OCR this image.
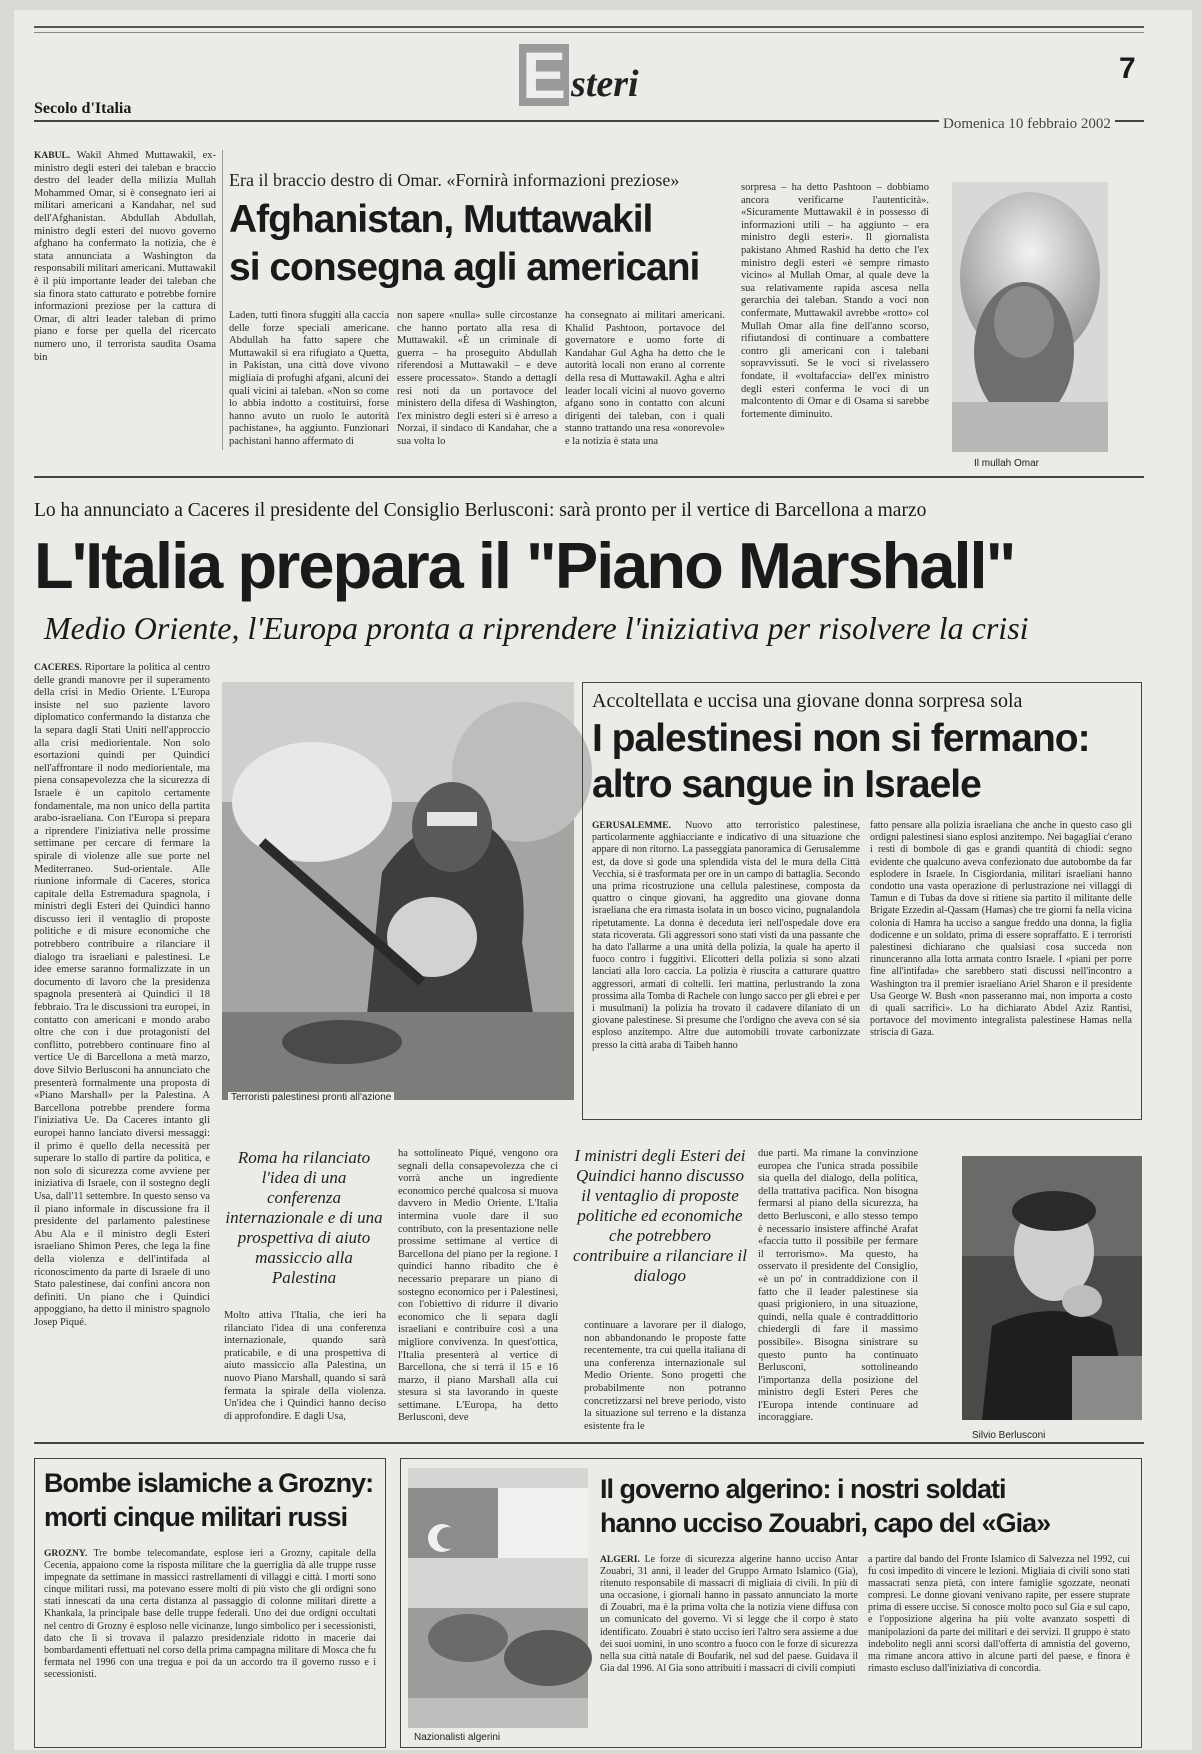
E steri	7
Secolo d'Italia
Domenica 10 febbraio 2002
KABUL. Wakil Ahmed Muttawakil, ex-ministro degli esteri dei taleban e braccio destro del leader della milizia Mullah Mohammed Omar, si è consegnato ieri ai militari americani a Kandahar, nel sud dell'Afghanistan. Abdullah Abdullah, ministro degli esteri del nuovo governo afghano ha confermato la notizia, che è stata annunciata a Washington da responsabili militari americani. Muttawakil è il più importante leader dei taleban che sia finora stato catturato e potrebbe fornire informazioni preziose per la cattura di Omar, di altri leader taleban di primo piano e forse per quella del ricercato numero uno, il terrorista saudita Osama bin
Era il braccio destro di Omar. «Fornirà informazioni preziose»
Afghanistan, Muttawakil
si consegna agli americani
Laden, tutti finora sfuggiti alla caccia delle forze speciali americane. Abdullah ha fatto sapere che Muttawakil si era rifugiato a Quetta, in Pakistan, una città dove vivono migliaia di profughi afgani, alcuni dei quali vicini ai taleban. «Non so come lo abbia indotto a costituirsi, forse hanno avuto un ruolo le autorità pachistane», ha aggiunto. Funzionari pachistani hanno affermato di
non sapere «nulla» sulle circostanze che hanno portato alla resa di Muttawakil. «È un criminale di guerra – ha proseguito Abdullah riferendosi a Muttawakil – e deve essere processato». Stando a dettagli resi noti da un portavoce del ministero della difesa di Washington, l'ex ministro degli esteri si è arreso a Norzai, il sindaco di Kandahar, che a sua volta lo
ha consegnato ai militari americani. Khalid Pashtoon, portavoce del governatore e uomo forte di Kandahar Gul Agha ha detto che le autorità locali non erano al corrente della resa di Muttawakil. Agha e altri leader locali vicini al nuovo governo afgano sono in contatto con alcuni dirigenti dei taleban, con i quali stanno trattando una resa «onorevole» e la notizia è stata una
sorpresa – ha detto Pashtoon – dobbiamo ancora verificarne l'autenticità». «Sicuramente Muttawakil è in possesso di informazioni utili – ha aggiunto – era ministro degli esteri». Il giornalista pakistano Ahmed Rashid ha detto che l'ex ministro degli esteri «è sempre rimasto vicino» al Mullah Omar, al quale deve la sua relativamente rapida ascesa nella gerarchia dei taleban. Stando a voci non confermate, Muttawakil avrebbe «rotto» col Mullah Omar alla fine dell'anno scorso, rifiutandosi di continuare a combattere contro gli americani con i talebani sopravvissuti. Se le voci si rivelassero fondate, il «voltafaccia» dell'ex ministro degli esteri conferma le voci di un malcontento di Omar e di Osama si sarebbe fortemente diminuito.
Il mullah Omar
Lo ha annunciato a Caceres il presidente del Consiglio Berlusconi: sarà pronto per il vertice di Barcellona a marzo
L'Italia prepara il "Piano Marshall"
Medio Oriente, l'Europa pronta a riprendere l'iniziativa per risolvere la crisi
CACERES. Riportare la politica al centro delle grandi manovre per il superamento della crisi in Medio Oriente. L'Europa insiste nel suo paziente lavoro diplomatico confermando la distanza che la separa dagli Stati Uniti nell'approccio alla crisi mediorientale. Non solo esortazioni quindi per Quindici nell'affrontare il nodo mediorientale, ma piena consapevolezza che la sicurezza di Israele è un capitolo certamente fondamentale, ma non unico della partita arabo-israeliana. Con l'Europa si prepara a riprendere l'iniziativa nelle prossime settimane per cercare di fermare la spirale di violenze alle sue porte nel Mediterraneo. Sud-orientale. Alle riunione informale di Caceres, storica capitale della Estremadura spagnola, i ministri degli Esteri dei Quindici hanno discusso ieri il ventaglio di proposte politiche e di misure economiche che potrebbero contribuire a rilanciare il dialogo tra israeliani e palestinesi. Le idee emerse saranno formalizzate in un documento di lavoro che la presidenza spagnola presenterà ai Quindici il 18 febbraio. Tra le discussioni tra europei, in contatto con americani e mondo arabo oltre che con i due protagonisti del conflitto, potrebbero continuare fino al vertice Ue di Barcellona a metà marzo, dove Silvio Berlusconi ha annunciato che presenterà formalmente una proposta di «Piano Marshall» per la Palestina. A Barcellona potrebbe prendere forma l'iniziativa Ue. Da Caceres intanto gli europei hanno lanciato diversi messaggi: il primo è quello della necessità per superare lo stallo di partire da politica, e non solo di sicurezza come avviene per iniziativa di Israele, con il sostegno degli Usa, dall'11 settembre. In questo senso va il piano informale in discussione fra il presidente del parlamento palestinese Abu Ala e il ministro degli Esteri israeliano Shimon Peres, che lega la fine della violenza e dell'intifada al riconoscimento da parte di Israele di uno Stato palestinese, dai confini ancora non definiti. Un piano che i Quindici appoggiano, ha detto il ministro spagnolo Josep Piqué.
Terroristi palestinesi pronti all'azione
Accoltellata e uccisa una giovane donna sorpresa sola
I palestinesi non si fermano:
altro sangue in Israele
GERUSALEMME. Nuovo atto terroristico palestinese, particolarmente agghiacciante e indicativo di una situazione che appare di non ritorno. La passeggiata panoramica di Gerusalemme est, da dove si gode una splendida vista del le mura della Città Vecchia, si è trasformata per ore in un campo di battaglia. Secondo una prima ricostruzione una cellula palestinese, composta da quattro o cinque giovani, ha aggredito una giovane donna israeliana che era rimasta isolata in un bosco vicino, pugnalandola ripetutamente. La donna è deceduta ieri nell'ospedale dove era stata ricoverata. Gli aggressori sono stati visti da una passante che ha dato l'allarme a una unità della polizia, la quale ha aperto il fuoco contro i fuggitivi. Elicotteri della polizia si sono alzati lanciati alla loro caccia. La polizia è riuscita a catturare quattro aggressori, armati di coltelli. Ieri mattina, perlustrando la zona prossima alla Tomba di Rachele con lungo sacco per gli ebrei e per i musulmani) la polizia ha trovato il cadavere dilaniato di un giovane palestinese. Si presume che l'ordigno che aveva con sé sia esploso anzitempo. Altre due automobili trovate carbonizzate presso la città araba di Taibeh hanno
fatto pensare alla polizia israeliana che anche in questo caso gli ordigni palestinesi siano esplosi anzitempo. Nei bagagliai c'erano i resti di bombole di gas e grandi quantità di chiodi: segno evidente che qualcuno aveva confezionato due autobombe da far esplodere in Israele. In Cisgiordania, militari israeliani hanno condotto una vasta operazione di perlustrazione nei villaggi di Tamun e di Tubas da dove si ritiene sia partito il militante delle Brigate Ezzedin al-Qassam (Hamas) che tre giorni fa nella vicina colonia di Hamra ha ucciso a sangue freddo una donna, la figlia dodicenne e un soldato, prima di essere sopraffatto. E i terroristi palestinesi dichiarano che qualsiasi cosa succeda non rinunceranno alla lotta armata contro Israele. I «piani per porre fine all'intifada» che sarebbero stati discussi nell'incontro a Washington tra il premier israeliano Ariel Sharon e il presidente Usa George W. Bush «non passeranno mai, non importa a costo di quali sacrifici». Lo ha dichiarato Abdel Aziz Rantisi, portavoce del movimento integralista palestinese Hamas nella striscia di Gaza.
Roma ha rilanciato l'idea di una conferenza internazionale e di una prospettiva di aiuto massiccio alla Palestina
Molto attiva l'Italia, che ieri ha rilanciato l'idea di una conferenza internazionale, quando sarà praticabile, e di una prospettiva di aiuto massiccio alla Palestina, un nuovo Piano Marshall, quando si sarà fermata la spirale della violenza. Un'idea che i Quindici hanno deciso di approfondire. E dagli Usa,
ha sottolineato Piqué, vengono ora segnali della consapevolezza che ci vorrà anche un ingrediente economico perché qualcosa si muova davvero in Medio Oriente. L'Italia intermina vuole dare il suo contributo, con la presentazione nelle prossime settimane al vertice di Barcellona del piano per la regione. I quindici hanno ribadito che è necessario preparare un piano di sostegno economico per i Palestinesi, con l'obiettivo di ridurre il divario economico che li separa dagli israeliani e contribuire così a una migliore convivenza. In quest'ottica, l'Italia presenterà al vertice di Barcellona, che si terrà il 15 e 16 marzo, il piano Marshall alla cui stesura si sta lavorando in queste settimane. L'Europa, ha detto Berlusconi, deve
I ministri degli Esteri dei Quindici hanno discusso il ventaglio di proposte politiche ed economiche che potrebbero contribuire a rilanciare il dialogo
continuare a lavorare per il dialogo, non abbandonando le proposte fatte recentemente, tra cui quella italiana di una conferenza internazionale sul Medio Oriente. Sono progetti che probabilmente non potranno concretizzarsi nel breve periodo, visto la situazione sul terreno e la distanza esistente fra le
due parti. Ma rimane la convinzione europea che l'unica strada possibile sia quella del dialogo, della politica, della trattativa pacifica. Non bisogna fermarsi al piano della sicurezza, ha detto Berlusconi, e allo stesso tempo è necessario insistere affinché Arafat «faccia tutto il possibile per fermare il terrorismo». Ma questo, ha osservato il presidente del Consiglio, «è un po' in contraddizione con il fatto che il leader palestinese sia quasi prigioniero, in una situazione, quindi, nella quale è contraddittorio chiedergli di fare il massimo possibile». Bisogna sinistrare su questo punto ha continuato Berlusconi, sottolineando l'importanza della posizione del ministro degli Esteri Peres che l'Europa intende continuare ad incoraggiare.
Silvio Berlusconi
Bombe islamiche a Grozny:
morti cinque militari russi
GROZNY. Tre bombe telecomandate, esplose ieri a Grozny, capitale della Cecenia, appaiono come la risposta militare che la guerriglia dà alle truppe russe impegnate da settimane in massicci rastrellamenti di villaggi e città. I morti sono cinque militari russi, ma potevano essere molti di più visto che gli ordigni sono stati innescati da una certa distanza al passaggio di colonne militari dirette a Khankala, la principale base delle truppe federali. Uno dei due ordigni occultati nel centro di Grozny è esploso nelle vicinanze, lungo simbolico per i secessionisti, dato che lì si trovava il palazzo presidenziale ridotto in macerie dai bombardamenti effettuati nel corso della prima campagna militare di Mosca che fu fermata nel 1996 con una tregua e poi da un accordo tra il governo russo e i secessionisti.
Nazionalisti algerini
Il governo algerino: i nostri soldati
hanno ucciso Zouabri, capo del «Gia»
ALGERI. Le forze di sicurezza algerine hanno ucciso Antar Zouabri, 31 anni, il leader del Gruppo Armato Islamico (Gia), ritenuto responsabile di massacri di migliaia di civili. In più di una occasione, i giornali hanno in passato annunciato la morte di Zouabri, ma è la prima volta che la notizia viene diffusa con un comunicato del governo. Vi si legge che il corpo è stato identificato. Zouabri è stato ucciso ieri l'altro sera assieme a due dei suoi uomini, in uno scontro a fuoco con le forze di sicurezza nella sua città natale di Boufarik, nel sud del paese. Guidava il Gia dal 1996. Al Gia sono attribuiti i massacri di civili compiuti
a partire dal bando del Fronte Islamico di Salvezza nel 1992, cui fu così impedito di vincere le lezioni. Migliaia di civili sono stati massacrati senza pietà, con intere famiglie sgozzate, neonati compresi. Le donne giovani venivano rapite, per essere stuprate prima di essere uccise. Si conosce molto poco sul Gia e sul capo, e l'opposizione algerina ha più volte avanzato sospetti di manipolazioni da parte dei militari e dei servizi. Il gruppo è stato indebolito negli anni scorsi dall'offerta di amnistia del governo, ma rimane ancora attivo in alcune parti del paese, e finora è rimasto escluso dall'iniziativa di concordia.
